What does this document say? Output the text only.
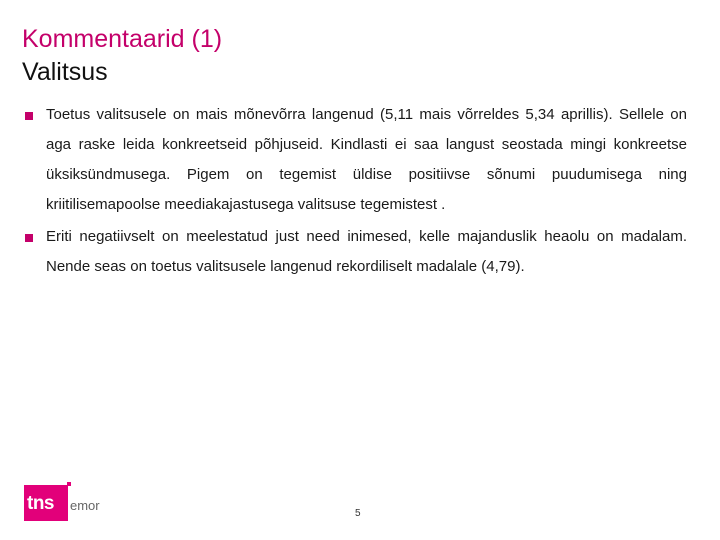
Kommentaarid (1)
Valitsus
Toetus valitsusele on mais mõnevõrra langenud (5,11 mais võrreldes 5,34 aprillis). Sellele on aga raske leida konkreetseid põhjuseid. Kindlasti ei saa langust seostada mingi konkreetse üksiksündmusega. Pigem on tegemist üldise positiivse sõnumi puudumisega ning kriitilisemapoolse meediakajastusega valitsuse tegemistest .
Eriti negatiivselt on meelestatud just need inimesed, kelle majanduslik heaolu on madalam. Nende seas on toetus valitsusele langenud rekordiliselt madalale (4,79).
tns emor
5
